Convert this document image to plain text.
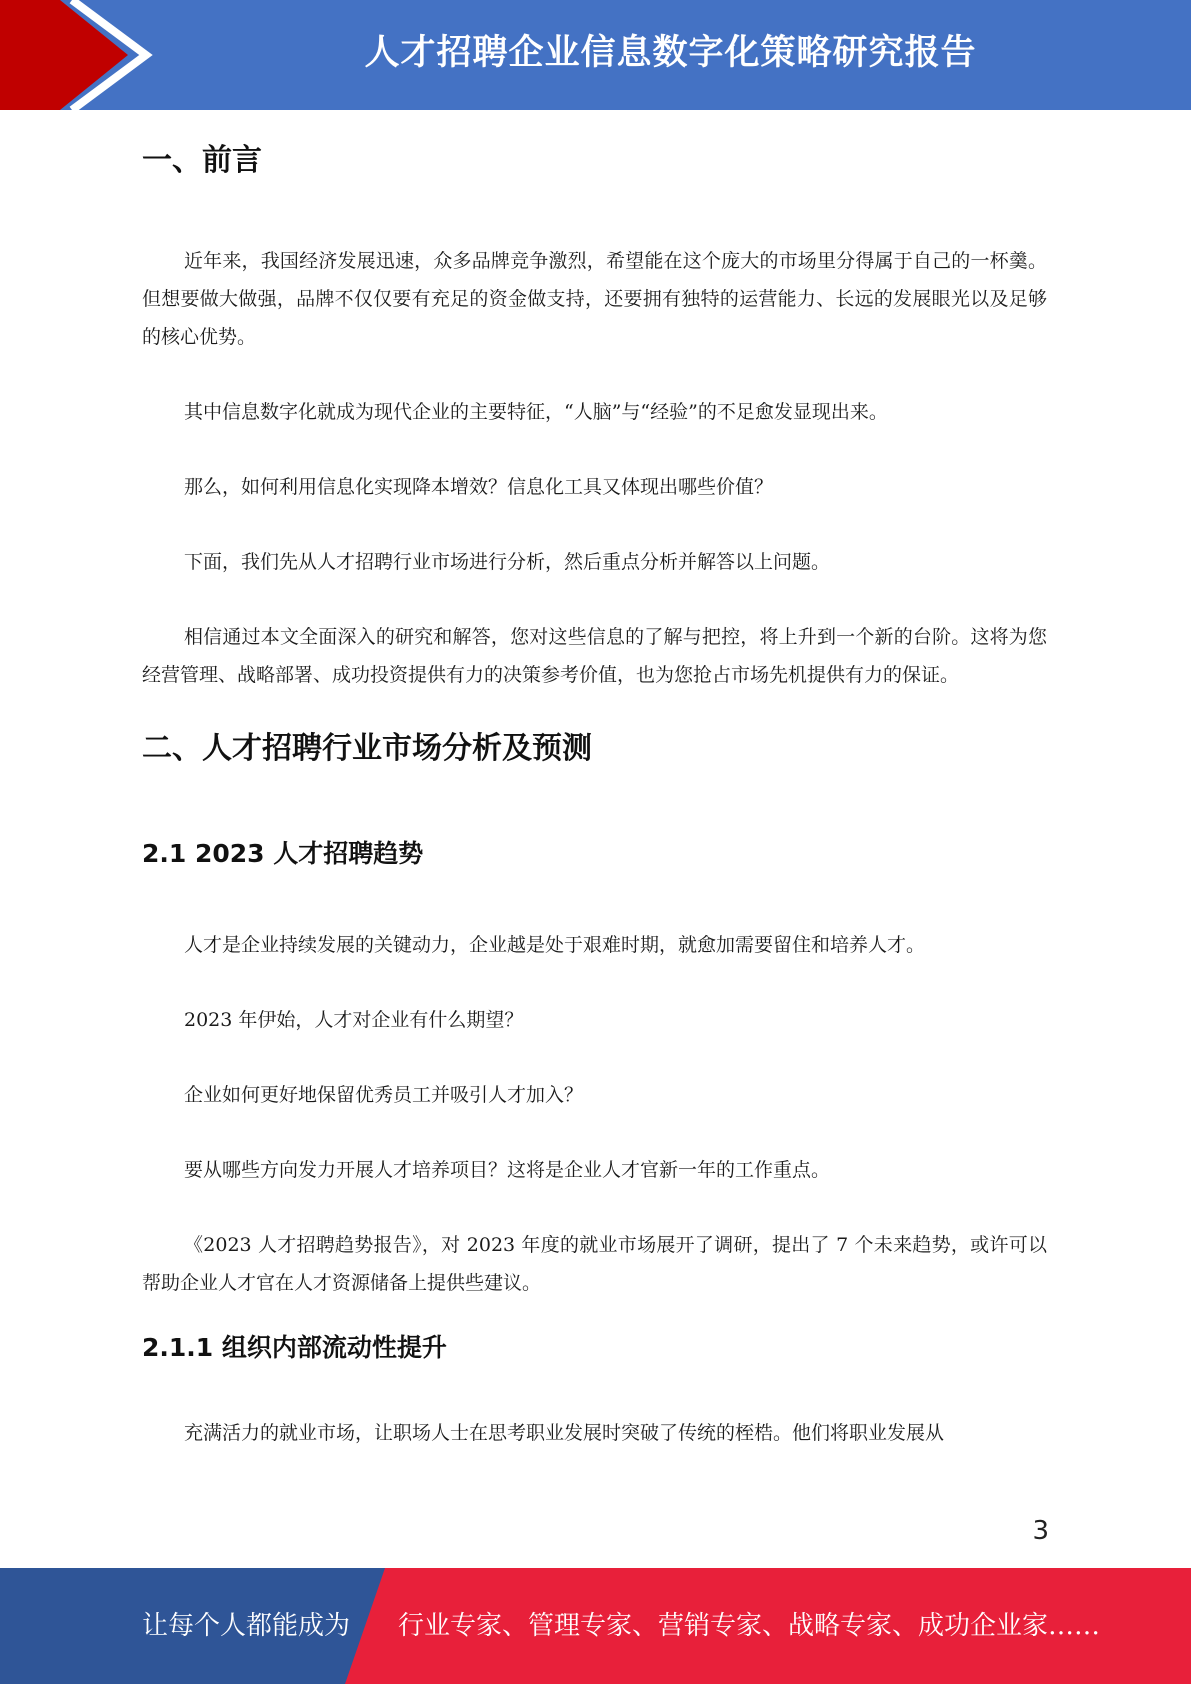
人才招聘企业信息数字化策略研究报告
一、前言

近年来，我国经济发展迅速，众多品牌竞争激烈，希望能在这个庞大的市场里分得属于自己的一杯羹。但想要做大做强，品牌不仅仅要有充足的资金做支持，还要拥有独特的运营能力、长远的发展眼光以及足够的核心优势。

其中信息数字化就成为现代企业的主要特征，“人脑”与“经验”的不足愈发显现出来。

那么，如何利用信息化实现降本增效？信息化工具又体现出哪些价值？

下面，我们先从人才招聘行业市场进行分析，然后重点分析并解答以上问题。

相信通过本文全面深入的研究和解答，您对这些信息的了解与把控，将上升到一个新的台阶。这将为您经营管理、战略部署、成功投资提供有力的决策参考价值，也为您抢占市场先机提供有力的保证。

二、人才招聘行业市场分析及预测
2.1 2023 人才招聘趋势

人才是企业持续发展的关键动力，企业越是处于艰难时期，就愈加需要留住和培养人才。

2023 年伊始，人才对企业有什么期望？

企业如何更好地保留优秀员工并吸引人才加入？

要从哪些方向发力开展人才培养项目？这将是企业人才官新一年的工作重点。

《2023 人才招聘趋势报告》，对 2023 年度的就业市场展开了调研，提出了 7 个未来趋势，或许可以帮助企业人才官在人才资源储备上提供些建议。

2.1.1 组织内部流动性提升

充满活力的就业市场，让职场人士在思考职业发展时突破了传统的桎梏。他们将职业发展从

3
让每个人都能成为 行业专家、管理专家、营销专家、战略专家、成功企业家……
